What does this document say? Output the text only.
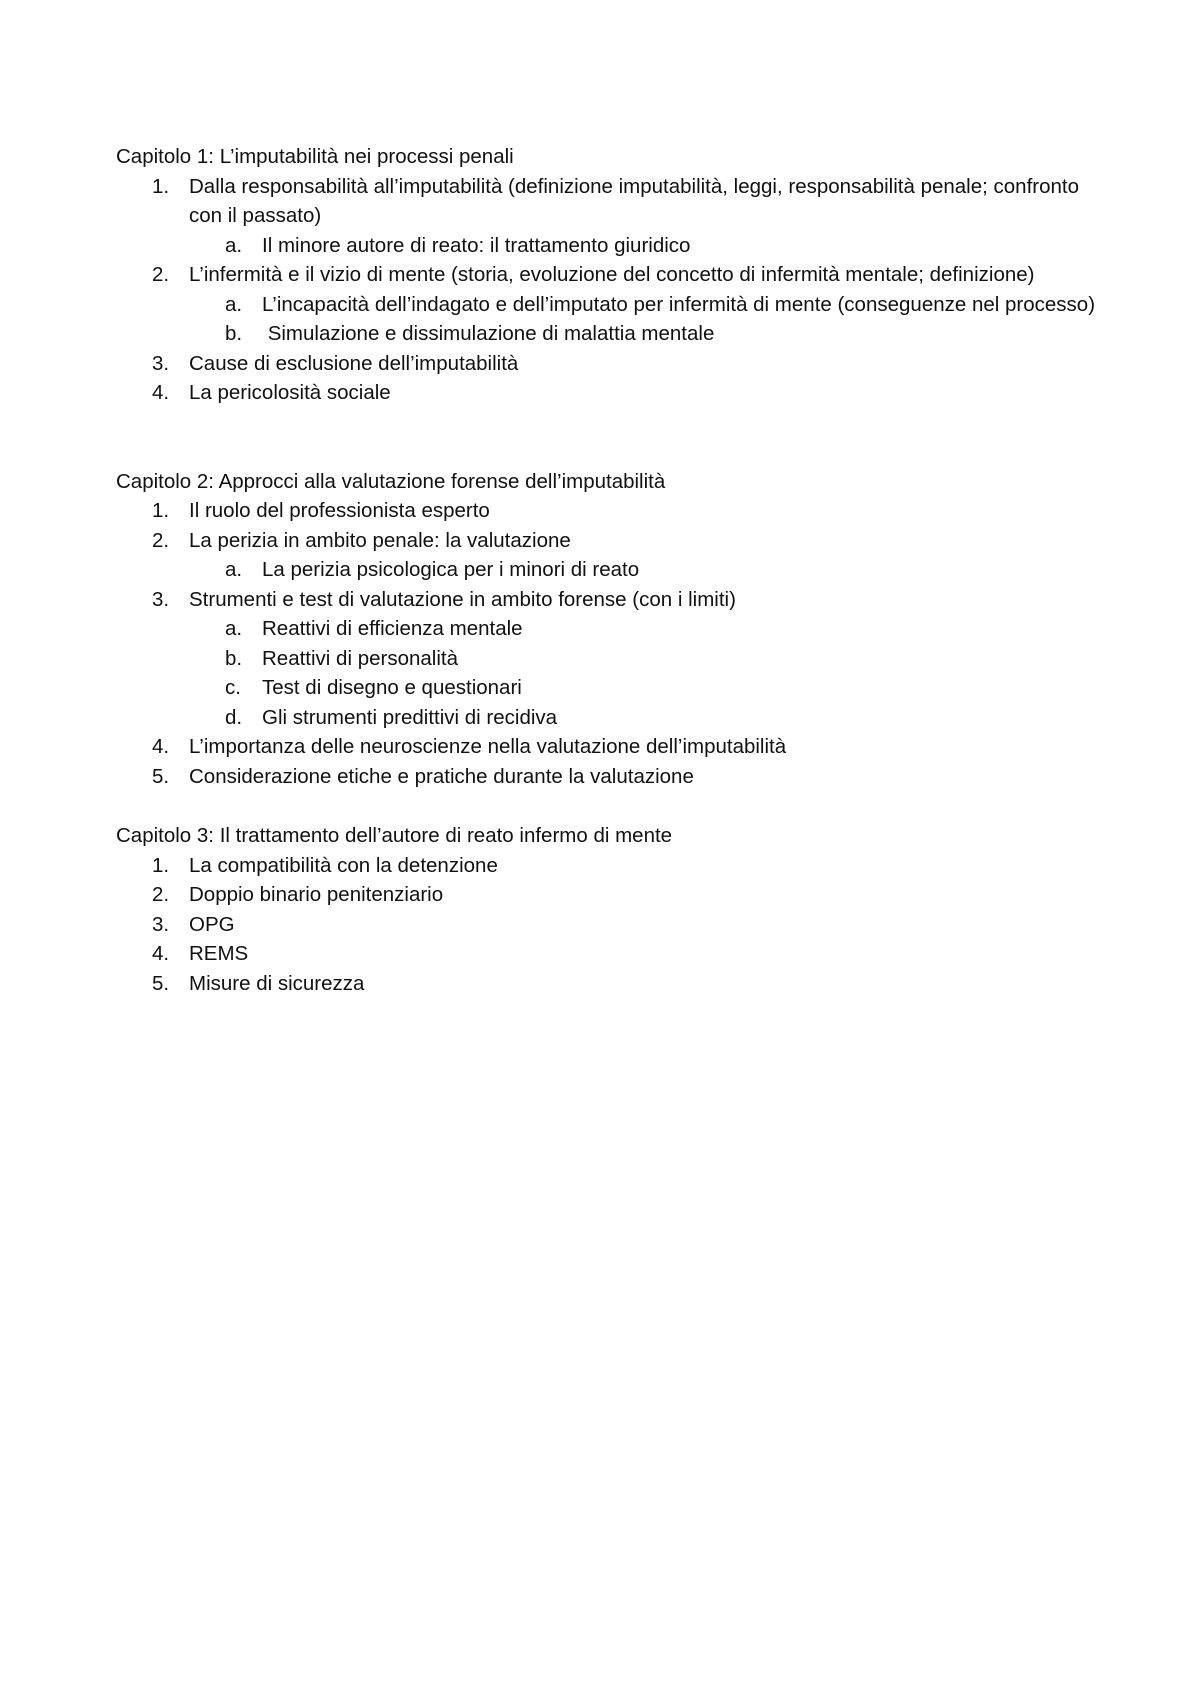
Capitolo 1: L’imputabilità nei processi penali
1. Dalla responsabilità all’imputabilità (definizione imputabilità, leggi, responsabilità penale; confronto con il passato)
a. Il minore autore di reato: il trattamento giuridico
2. L’infermità e il vizio di mente (storia, evoluzione del concetto di infermità mentale; definizione)
a. L’incapacità dell’indagato e dell’imputato per infermità di mente (conseguenze nel processo)
b. Simulazione e dissimulazione di malattia mentale
3. Cause di esclusione dell’imputabilità
4. La pericolosità sociale
Capitolo 2: Approcci alla valutazione forense dell’imputabilità
1. Il ruolo del professionista esperto
2. La perizia in ambito penale: la valutazione
a. La perizia psicologica per i minori di reato
3. Strumenti e test di valutazione in ambito forense (con i limiti)
a. Reattivi di efficienza mentale
b. Reattivi di personalità
c.	Test di disegno e questionari
d. Gli strumenti predittivi di recidiva
4. L’importanza delle neuroscienze nella valutazione dell’imputabilità
5. Considerazione etiche e pratiche durante la valutazione
Capitolo 3: Il trattamento dell’autore di reato infermo di mente
1. La compatibilità con la detenzione
2. Doppio binario penitenziario
3. OPG
4. REMS
5. Misure di sicurezza
